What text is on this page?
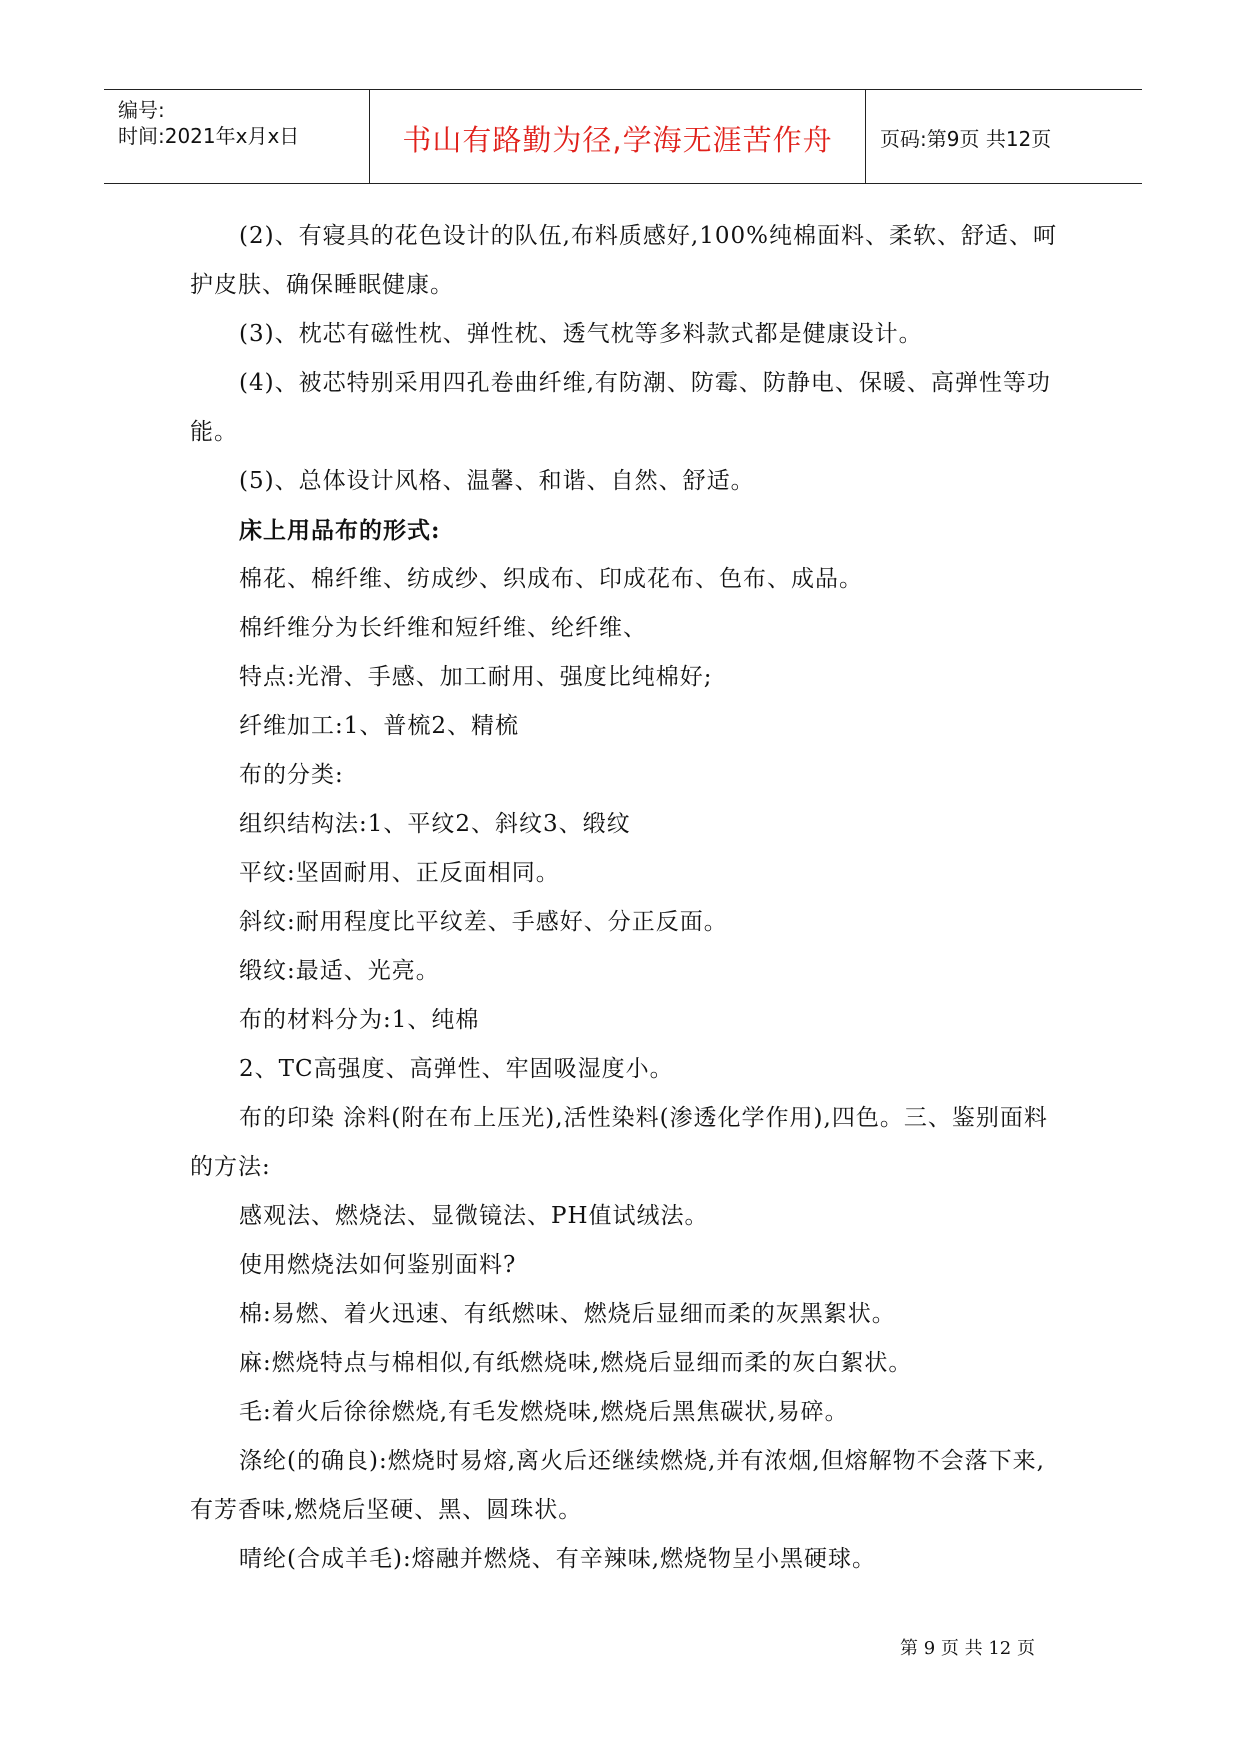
编号:
时间:2021年x月x日	书山有路勤为径,学海无涯苦作舟	页码:第9页 共12页

(2)、有寝具的花色设计的队伍,布料质感好,100%纯棉面料、柔软、舒适、呵护皮肤、确保睡眠健康。

(3)、枕芯有磁性枕、弹性枕、透气枕等多料款式都是健康设计。

(4)、被芯特别采用四孔卷曲纤维,有防潮、防霉、防静电、保暖、高弹性等功能。

(5)、总体设计风格、温馨、和谐、自然、舒适。

床上用品布的形式:

棉花、棉纤维、纺成纱、织成布、印成花布、色布、成品。

棉纤维分为长纤维和短纤维、纶纤维、

特点:光滑、手感、加工耐用、强度比纯棉好;

纤维加工:1、普梳2、精梳

布的分类:

组织结构法:1、平纹2、斜纹3、缎纹

平纹:坚固耐用、正反面相同。

斜纹:耐用程度比平纹差、手感好、分正反面。

缎纹:最适、光亮。

布的材料分为:1、纯棉

2、TC高强度、高弹性、牢固吸湿度小。

布的印染 涂料(附在布上压光),活性染料(渗透化学作用),四色。三、鉴别面料的方法:

感观法、燃烧法、显微镜法、PH值试绒法。

使用燃烧法如何鉴别面料?

棉:易燃、着火迅速、有纸燃味、燃烧后显细而柔的灰黑絮状。

麻:燃烧特点与棉相似,有纸燃烧味,燃烧后显细而柔的灰白絮状。

毛:着火后徐徐燃烧,有毛发燃烧味,燃烧后黑焦碳状,易碎。

涤纶(的确良):燃烧时易熔,离火后还继续燃烧,并有浓烟,但熔解物不会落下来,有芳香味,燃烧后坚硬、黑、圆珠状。

晴纶(合成羊毛):熔融并燃烧、有辛辣味,燃烧物呈小黑硬球。

第 9 页 共 12 页
